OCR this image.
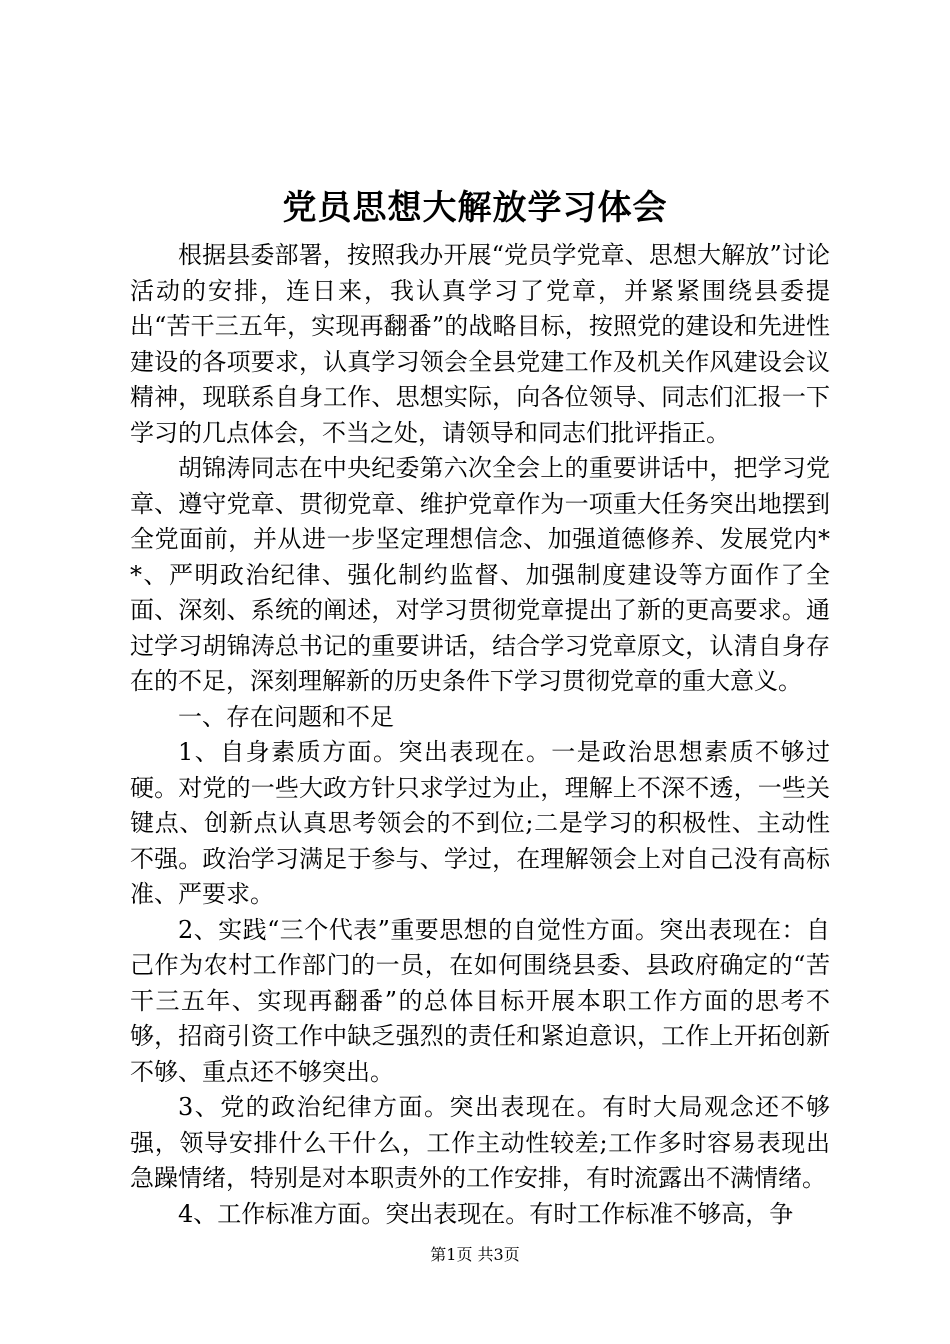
党员思想大解放学习体会

根据县委部署，按照我办开展“党员学党章、思想大解放”讨论活动的安排，连日来，我认真学习了党章，并紧紧围绕县委提出“苦干三五年，实现再翻番”的战略目标，按照党的建设和先进性建设的各项要求，认真学习领会全县党建工作及机关作风建设会议精神，现联系自身工作、思想实际，向各位领导、同志们汇报一下学习的几点体会，不当之处，请领导和同志们批评指正。

胡锦涛同志在中央纪委第六次全会上的重要讲话中，把学习党章、遵守党章、贯彻党章、维护党章作为一项重大任务突出地摆到全党面前，并从进一步坚定理想信念、加强道德修养、发展党内**、严明政治纪律、强化制约监督、加强制度建设等方面作了全面、深刻、系统的阐述，对学习贯彻党章提出了新的更高要求。通过学习胡锦涛总书记的重要讲话，结合学习党章原文，认清自身存在的不足，深刻理解新的历史条件下学习贯彻党章的重大意义。

一、存在问题和不足

1、自身素质方面。突出表现在。一是政治思想素质不够过硬。对党的一些大政方针只求学过为止，理解上不深不透，一些关键点、创新点认真思考领会的不到位;二是学习的积极性、主动性不强。政治学习满足于参与、学过，在理解领会上对自己没有高标准、严要求。

2、实践“三个代表”重要思想的自觉性方面。突出表现在：自己作为农村工作部门的一员，在如何围绕县委、县政府确定的“苦干三五年、实现再翻番”的总体目标开展本职工作方面的思考不够，招商引资工作中缺乏强烈的责任和紧迫意识，工作上开拓创新不够、重点还不够突出。

3、党的政治纪律方面。突出表现在。有时大局观念还不够强，领导安排什么干什么，工作主动性较差;工作多时容易表现出急躁情绪，特别是对本职责外的工作安排，有时流露出不满情绪。

4、工作标准方面。突出表现在。有时工作标准不够高，争

第1页 共3页
